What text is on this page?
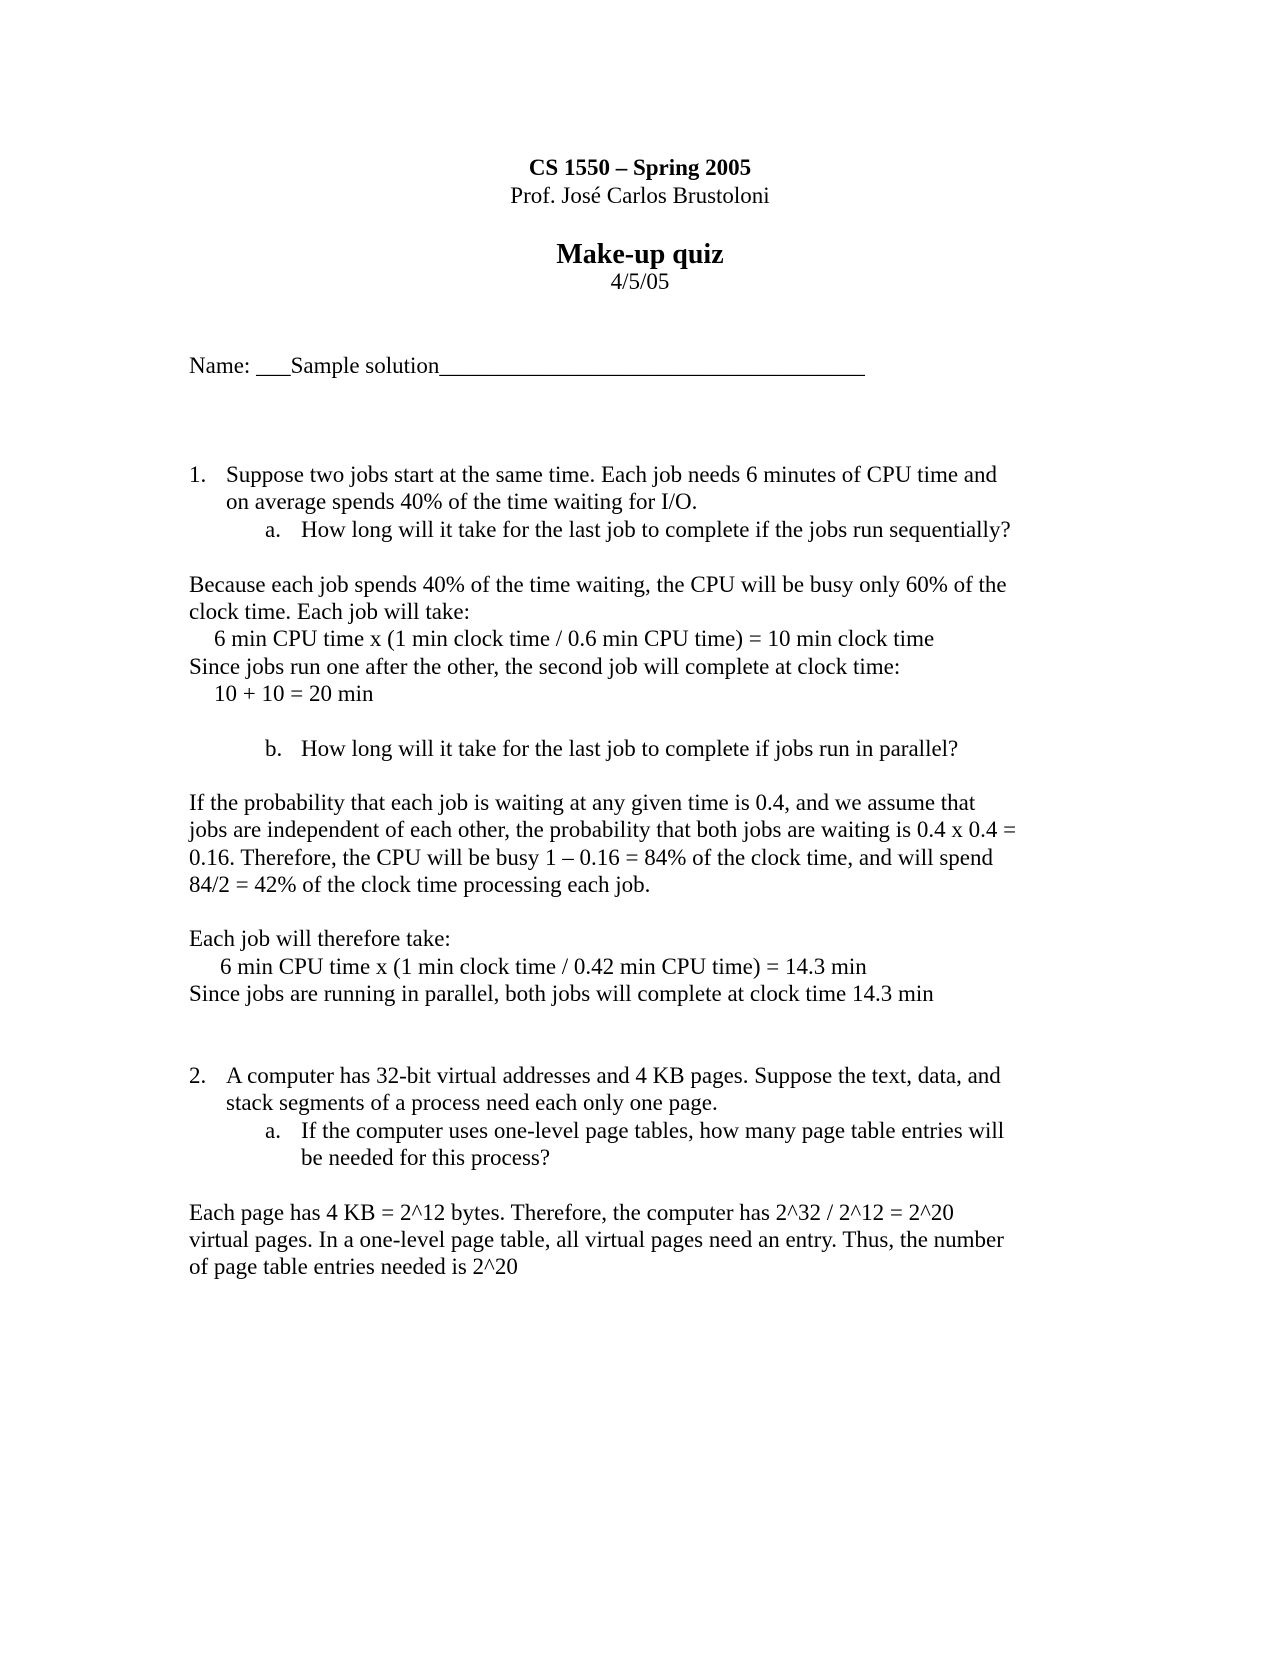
CS 1550 – Spring 2005
Prof. José Carlos Brustoloni
Make-up quiz
4/5/05
Name: ___Sample solution_____________________________________
1. Suppose two jobs start at the same time. Each job needs 6 minutes of CPU time and
on average spends 40% of the time waiting for I/O.
a. How long will it take for the last job to complete if the jobs run sequentially?
Because each job spends 40% of the time waiting, the CPU will be busy only 60% of the
clock time. Each job will take:
6 min CPU time x (1 min clock time / 0.6 min CPU time) = 10 min clock time
Since jobs run one after the other, the second job will complete at clock time:
10 + 10 = 20 min
b. How long will it take for the last job to complete if jobs run in parallel?
If the probability that each job is waiting at any given time is 0.4, and we assume that
jobs are independent of each other, the probability that both jobs are waiting is 0.4 x 0.4 =
0.16. Therefore, the CPU will be busy 1 – 0.16 = 84% of the clock time, and will spend
84/2 = 42% of the clock time processing each job.
Each job will therefore take:
6 min CPU time x (1 min clock time / 0.42 min CPU time) = 14.3 min
Since jobs are running in parallel, both jobs will complete at clock time 14.3 min
2. A computer has 32-bit virtual addresses and 4 KB pages. Suppose the text, data, and
stack segments of a process need each only one page.
a. If the computer uses one-level page tables, how many page table entries will
be needed for this process?
Each page has 4 KB = 2^12 bytes. Therefore, the computer has 2^32 / 2^12 = 2^20
virtual pages. In a one-level page table, all virtual pages need an entry. Thus, the number
of page table entries needed is 2^20
